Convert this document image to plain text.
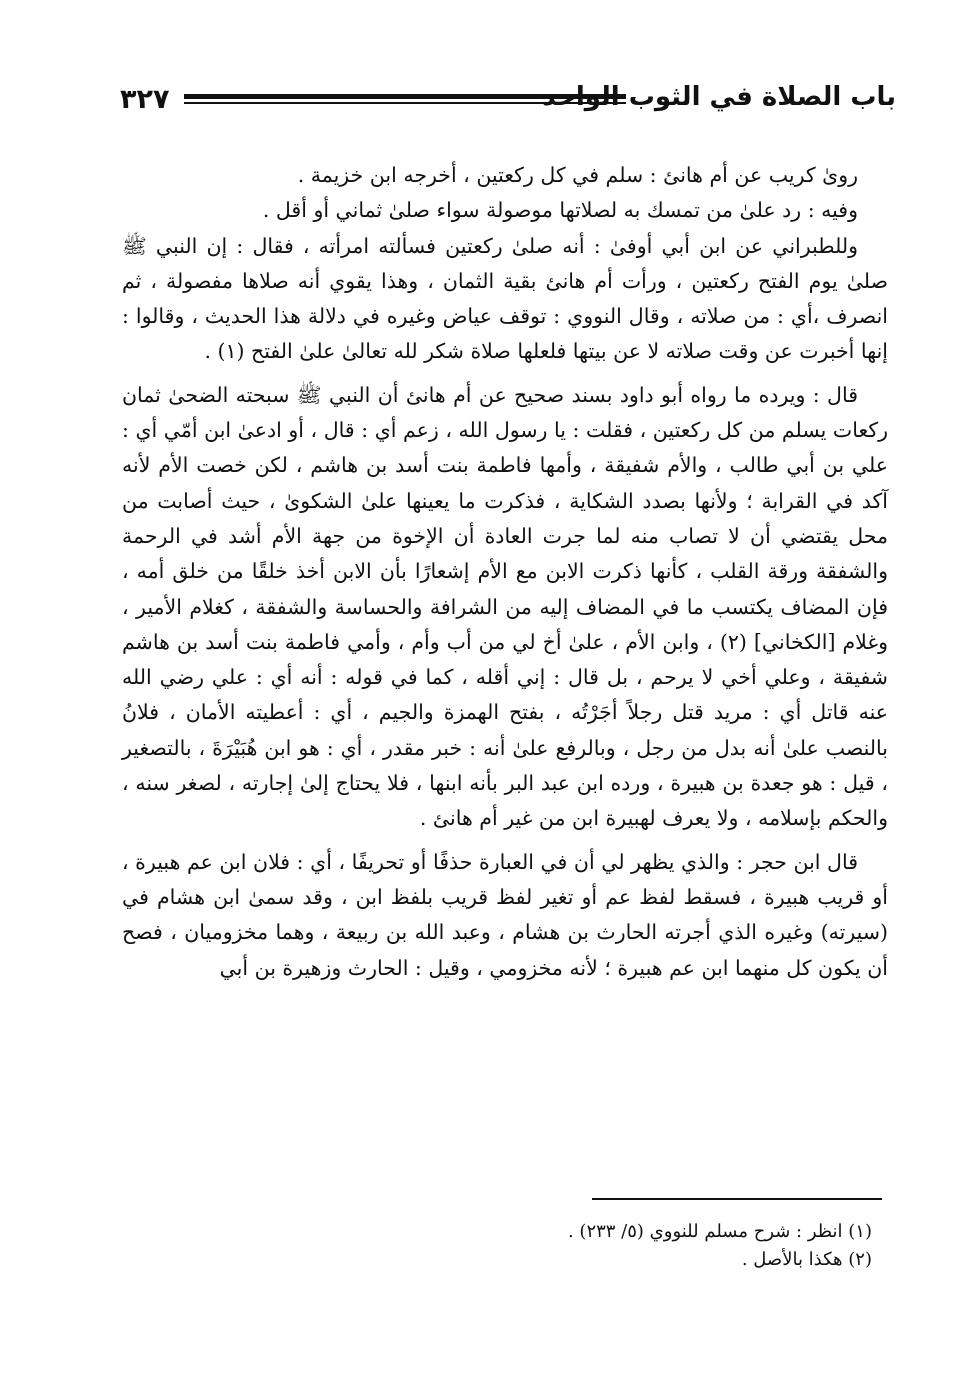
٣٢٧	باب الصلاة في الثوب الواحد

روىٰ كريب عن أم هانئ : سلم في كل ركعتين ، أخرجه ابن خزيمة .

وفيه : رد علىٰ من تمسك به لصلاتها موصولة سواء صلىٰ ثماني أو أقل .

وللطبراني عن ابن أبي أوفىٰ : أنه صلىٰ ركعتين فسألته امرأته ، فقال : إن النبي ﷺ صلىٰ يوم الفتح ركعتين ، ورأت أم هانئ بقية الثمان ، وهذا يقوي أنه صلاها مفصولة ، ثم انصرف ،أي : من صلاته ، وقال النووي : توقف عياض وغيره في دلالة هذا الحديث ، وقالوا : إنها أخبرت عن وقت صلاته لا عن بيتها فلعلها صلاة شكر لله تعالىٰ علىٰ الفتح (١) .

قال : ويرده ما رواه أبو داود بسند صحيح عن أم هانئ أن النبي ﷺ سبحته الضحىٰ ثمان ركعات يسلم من كل ركعتين ، فقلت : يا رسول الله ، زعم أي : قال ، أو ادعىٰ ابن أمّي أي : علي بن أبي طالب ، والأم شفيقة ، وأمها فاطمة بنت أسد بن هاشم ، لكن خصت الأم لأنه آكد في القرابة ؛ ولأنها بصدد الشكاية ، فذكرت ما يعينها علىٰ الشكوىٰ ، حيث أصابت من محل يقتضي أن لا تصاب منه لما جرت العادة أن الإخوة من جهة الأم أشد في الرحمة والشفقة ورقة القلب ، كأنها ذكرت الابن مع الأم إشعارًا بأن الابن أخذ خلقًا من خلق أمه ، فإن المضاف يكتسب ما في المضاف إليه من الشرافة والحساسة والشفقة ، كغلام الأمير ، وغلام [الكخاني] (٢) ، وابن الأم ، علىٰ أخ لي من أب وأم ، وأمي فاطمة بنت أسد بن هاشم شفيقة ، وعلي أخي لا يرحم ، بل قال : إني أقله ، كما في قوله : أنه أي : علي رضي الله عنه قاتل أي : مريد قتل رجلاً أجَرْتُه ، بفتح الهمزة والجيم ، أي : أعطيته الأمان ، فلانُ بالنصب علىٰ أنه بدل من رجل ، وبالرفع علىٰ أنه : خبر مقدر ، أي : هو ابن هُبَيْرَةَ ، بالتصغير ، قيل : هو جعدة بن هبيرة ، ورده ابن عبد البر بأنه ابنها ، فلا يحتاج إلىٰ إجارته ، لصغر سنه ، والحكم بإسلامه ، ولا يعرف لهبيرة ابن من غير أم هانئ .

قال ابن حجر : والذي يظهر لي أن في العبارة حذفًا أو تحريفًا ، أي : فلان ابن عم هبيرة ، أو قريب هبيرة ، فسقط لفظ عم أو تغير لفظ قريب بلفظ ابن ، وقد سمىٰ ابن هشام في (سيرته) وغيره الذي أجرته الحارث بن هشام ، وعبد الله بن ربيعة ، وهما مخزوميان ، فصح أن يكون كل منهما ابن عم هبيرة ؛ لأنه مخزومي ، وقيل : الحارث وزهيرة بن أبي

(١) انظر : شرح مسلم للنووي (٥/ ٢٣٣) .

(٢) هكذا بالأصل .
